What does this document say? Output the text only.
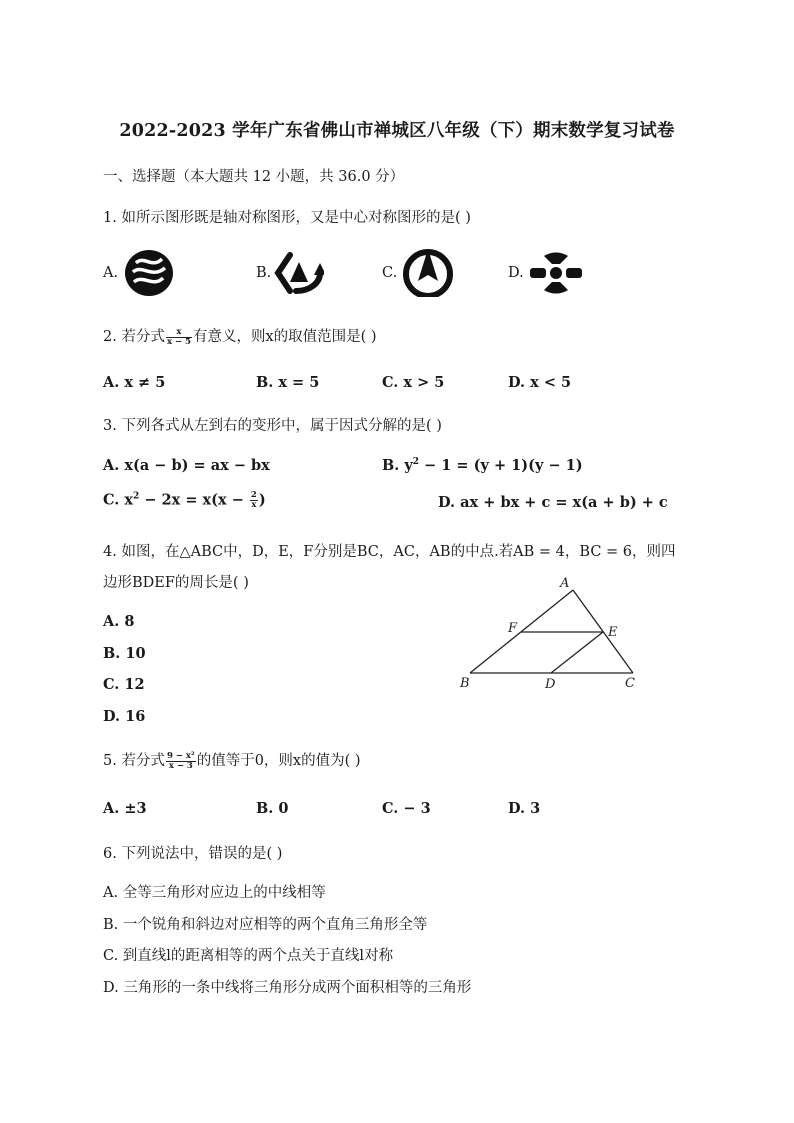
2022-2023 学年广东省佛山市禅城区八年级（下）期末数学复习试卷
一、选择题（本大题共 12 小题，共 36.0 分）
1. 如所示图形既是轴对称图形，又是中心对称图形的是( )
A.	B.	C.	D.
2. 若分式 $\frac{x}{x - 5}$ 有意义，则x的取值范围是( )
A. x ≠ 5	B. x = 5	C. x > 5	D. x < 5
3. 下列各式从左到右的变形中，属于因式分解的是( )
A. x(a − b) = ax − bx	B. $y^2 - 1 = (y + 1)(y - 1)$
C. $x^2 - 2x = x(x - \frac{2}{x}$ )	D. ax + bx + c = x(a + b) + c
4. 如图，在△ABC中，D，E，F分别是BC，AC，AB的中点.若AB = 4，BC = 6，则四
边形BDEF的周长是( )
A. 8
B. 10
C. 12
D. 16
A
B	C
D
E
F
5. 若分式 $\frac{\text{9 − x²}}{x - 3}$ 的值等于0，则x的值为( )
A. ±3	B. 0	C. − 3	D. 3
6. 下列说法中，错误的是( )
A. 全等三角形对应边上的中线相等
B. 一个锐角和斜边对应相等的两个直角三角形全等
C. 到直线l的距离相等的两个点关于直线l对称
D. 三角形的一条中线将三角形分成两个面积相等的三角形
